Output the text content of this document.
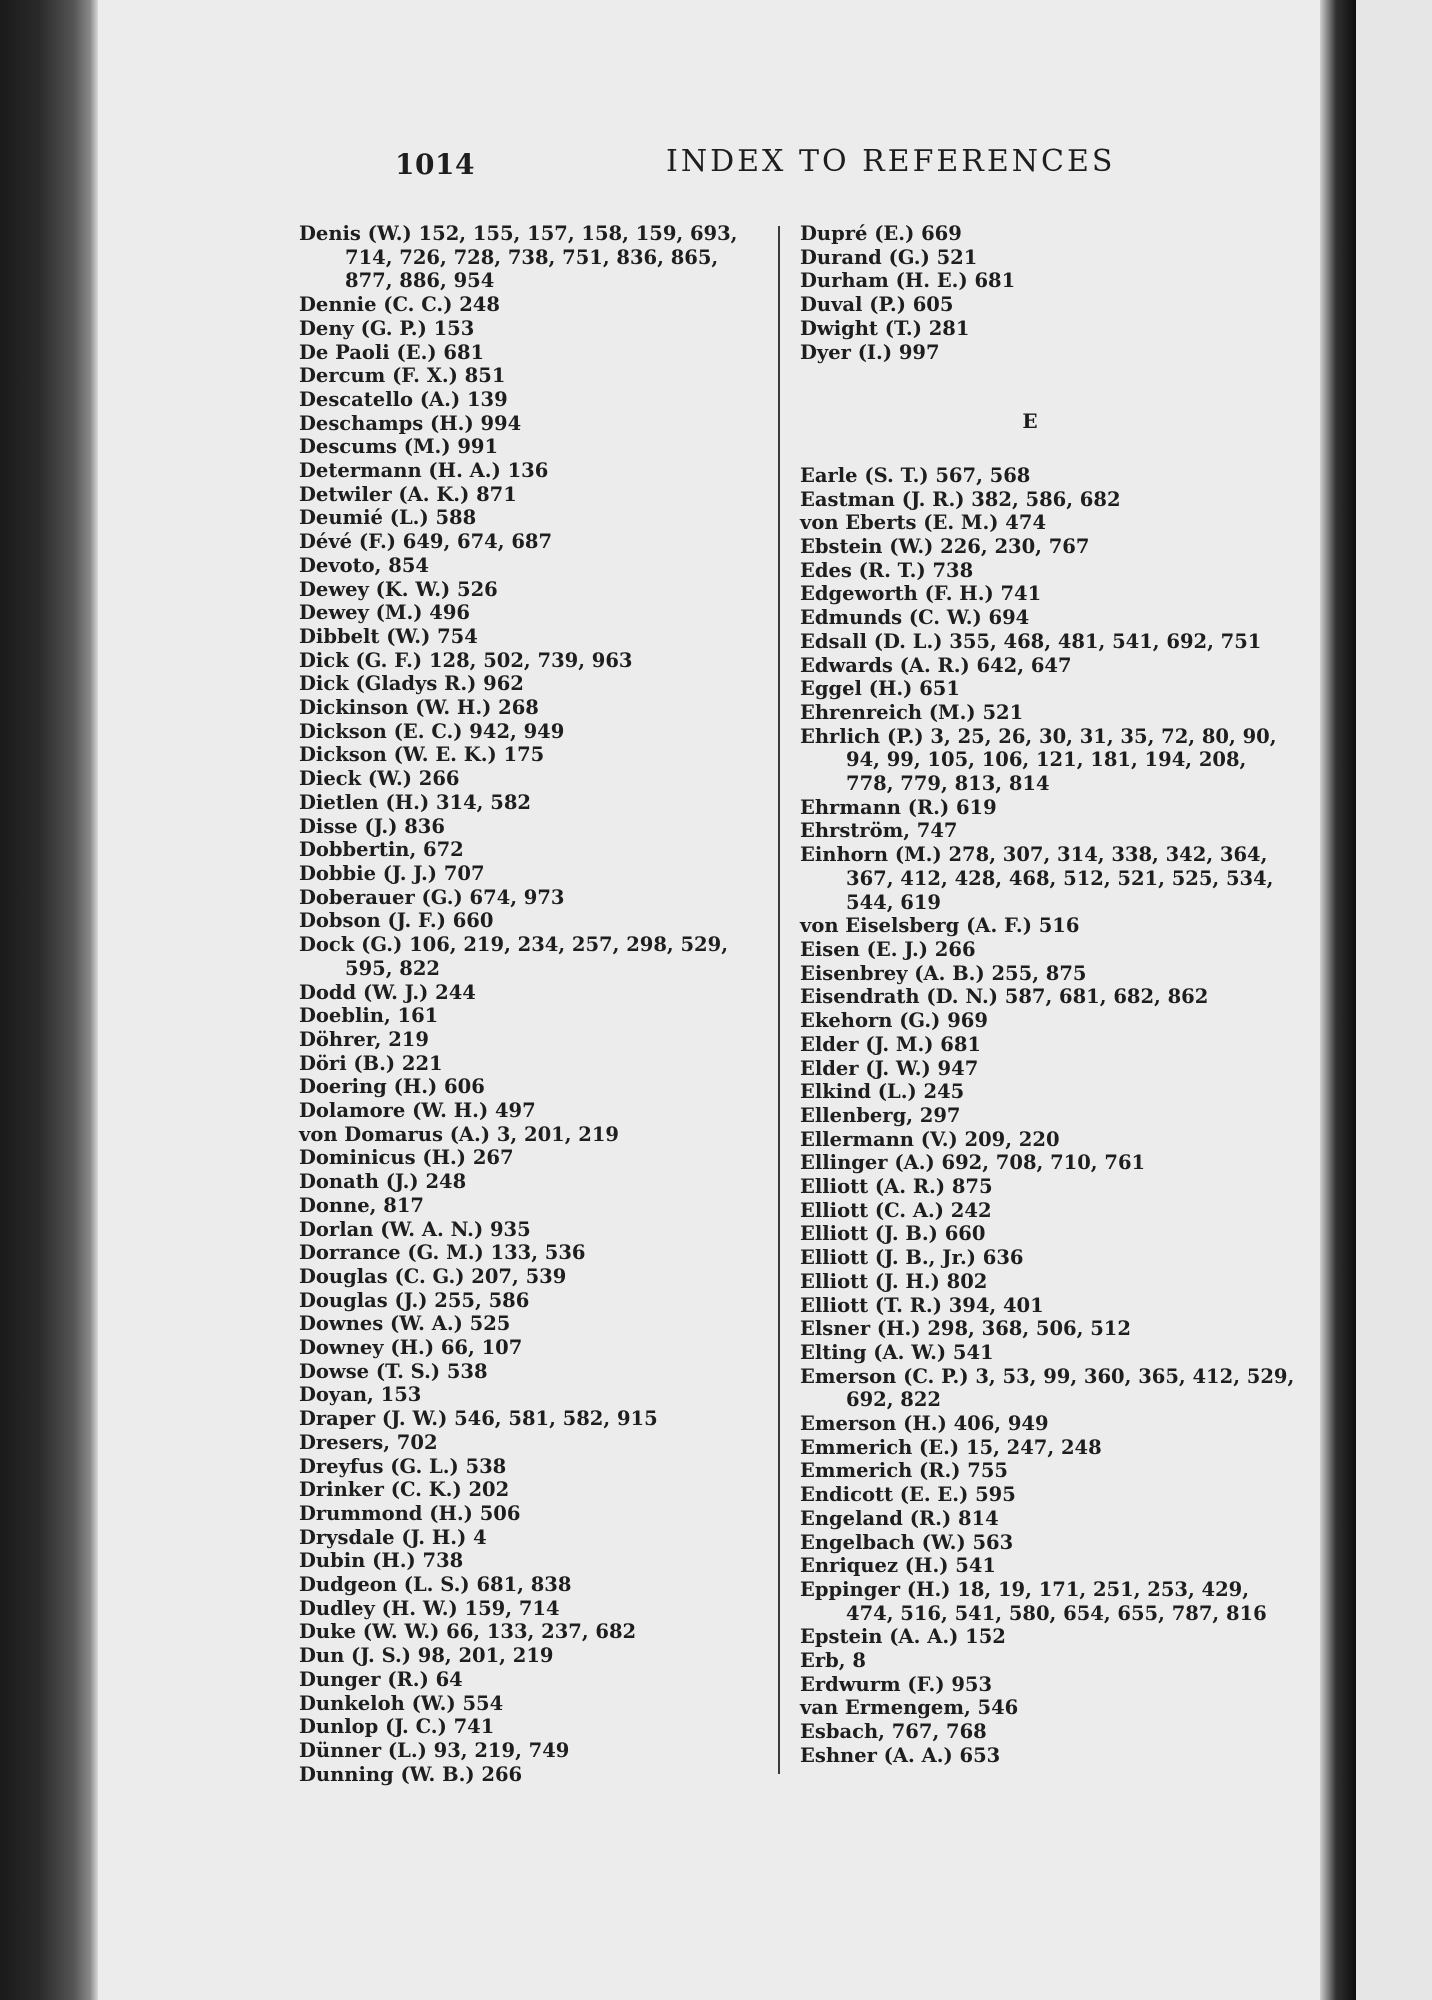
1014	INDEX TO REFERENCES
Denis (W.) 152, 155, 157, 158, 159, 693, 714, 726, 728, 738, 751, 836, 865, 877, 886, 954
Dennie (C. C.) 248
Deny (G. P.) 153
De Paoli (E.) 681
Dercum (F. X.) 851
Descatello (A.) 139
Deschamps (H.) 994
Descums (M.) 991
Determann (H. A.) 136
Detwiler (A. K.) 871
Deumié (L.) 588
Dévé (F.) 649, 674, 687
Devoto, 854
Dewey (K. W.) 526
Dewey (M.) 496
Dibbelt (W.) 754
Dick (G. F.) 128, 502, 739, 963
Dick (Gladys R.) 962
Dickinson (W. H.) 268
Dickson (E. C.) 942, 949
Dickson (W. E. K.) 175
Dieck (W.) 266
Dietlen (H.) 314, 582
Disse (J.) 836
Dobbertin, 672
Dobbie (J. J.) 707
Doberauer (G.) 674, 973
Dobson (J. F.) 660
Dock (G.) 106, 219, 234, 257, 298, 529, 595, 822
Dodd (W. J.) 244
Doeblin, 161
Döhrer, 219
Döri (B.) 221
Doering (H.) 606
Dolamore (W. H.) 497
von Domarus (A.) 3, 201, 219
Dominicus (H.) 267
Donath (J.) 248
Donne, 817
Dorlan (W. A. N.) 935
Dorrance (G. M.) 133, 536
Douglas (C. G.) 207, 539
Douglas (J.) 255, 586
Downes (W. A.) 525
Downey (H.) 66, 107
Dowse (T. S.) 538
Doyan, 153
Draper (J. W.) 546, 581, 582, 915
Dresers, 702
Dreyfus (G. L.) 538
Drinker (C. K.) 202
Drummond (H.) 506
Drysdale (J. H.) 4
Dubin (H.) 738
Dudgeon (L. S.) 681, 838
Dudley (H. W.) 159, 714
Duke (W. W.) 66, 133, 237, 682
Dun (J. S.) 98, 201, 219
Dunger (R.) 64
Dunkeloh (W.) 554
Dunlop (J. C.) 741
Dünner (L.) 93, 219, 749
Dunning (W. B.) 266
Dupré (E.) 669
Durand (G.) 521
Durham (H. E.) 681
Duval (P.) 605
Dwight (T.) 281
Dyer (I.) 997
E
Earle (S. T.) 567, 568
Eastman (J. R.) 382, 586, 682
von Eberts (E. M.) 474
Ebstein (W.) 226, 230, 767
Edes (R. T.) 738
Edgeworth (F. H.) 741
Edmunds (C. W.) 694
Edsall (D. L.) 355, 468, 481, 541, 692, 751
Edwards (A. R.) 642, 647
Eggel (H.) 651
Ehrenreich (M.) 521
Ehrlich (P.) 3, 25, 26, 30, 31, 35, 72, 80, 90, 94, 99, 105, 106, 121, 181, 194, 208, 778, 779, 813, 814
Ehrmann (R.) 619
Ehrström, 747
Einhorn (M.) 278, 307, 314, 338, 342, 364, 367, 412, 428, 468, 512, 521, 525, 534, 544, 619
von Eiselsberg (A. F.) 516
Eisen (E. J.) 266
Eisenbrey (A. B.) 255, 875
Eisendrath (D. N.) 587, 681, 682, 862
Ekehorn (G.) 969
Elder (J. M.) 681
Elder (J. W.) 947
Elkind (L.) 245
Ellenberg, 297
Ellermann (V.) 209, 220
Ellinger (A.) 692, 708, 710, 761
Elliott (A. R.) 875
Elliott (C. A.) 242
Elliott (J. B.) 660
Elliott (J. B., Jr.) 636
Elliott (J. H.) 802
Elliott (T. R.) 394, 401
Elsner (H.) 298, 368, 506, 512
Elting (A. W.) 541
Emerson (C. P.) 3, 53, 99, 360, 365, 412, 529, 692, 822
Emerson (H.) 406, 949
Emmerich (E.) 15, 247, 248
Emmerich (R.) 755
Endicott (E. E.) 595
Engeland (R.) 814
Engelbach (W.) 563
Enriquez (H.) 541
Eppinger (H.) 18, 19, 171, 251, 253, 429, 474, 516, 541, 580, 654, 655, 787, 816
Epstein (A. A.) 152
Erb, 8
Erdwurm (F.) 953
van Ermengem, 546
Esbach, 767, 768
Eshner (A. A.) 653
